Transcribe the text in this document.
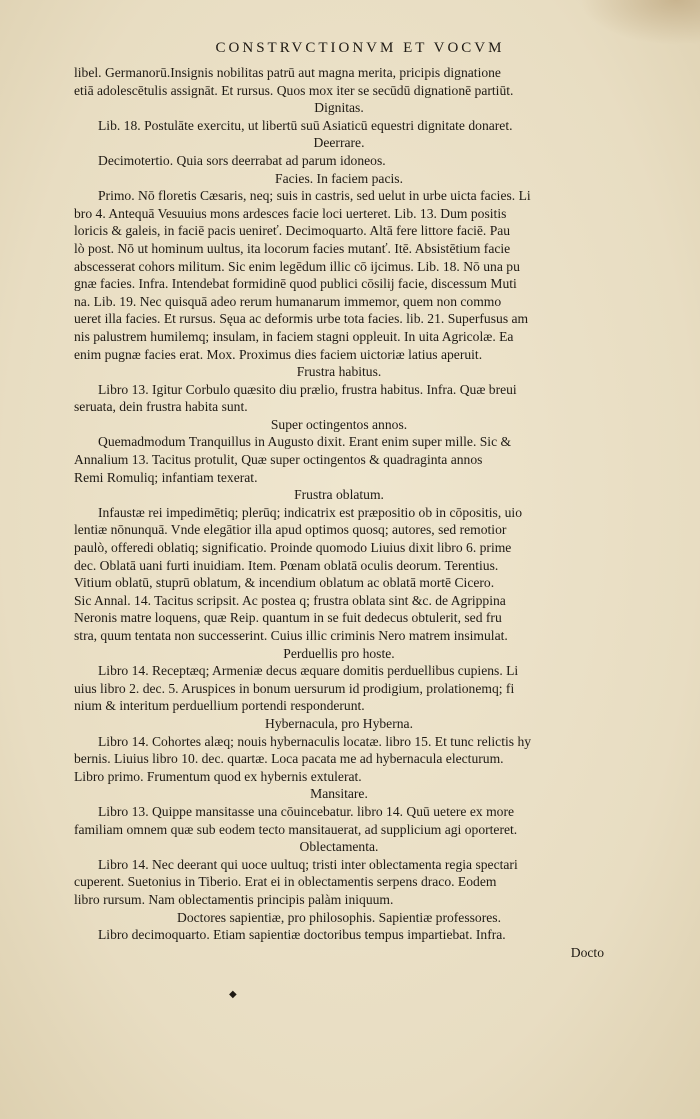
CONSTRVCTIONVM ET VOCVM

libel. Germanorū.Insignis nobilitas patrū aut magna merita, pricipis dignatione

etiā adolescētulis assignāt. Et rursus. Quos mox iter se secūdū dignationē partiūt.

Dignitas.

Lib. 18. Postulāte exercitu, ut libertū suū Asiaticū equestri dignitate donaret.

Deerrare.

Decimotertio. Quia sors deerrabat ad parum idoneos.

Facies. In faciem pacis.

Primo. Nō floretis Cæsaris, neq; suis in castris, sed uelut in urbe uicta facies. Li

bro 4. Antequā Vesuuius mons ardesces facie loci uerteret. Lib. 13. Dum positis

loricis & galeis, in faciē pacis uenireť. Decimoquarto. Altā fere littore faciē. Pau

lò post. Nō ut hominum uultus, ita locorum facies mutanť. Itē. Absistētium facie

abscesserat cohors militum. Sic enim legēdum illic cō ijcimus. Lib. 18. Nō una pu

gnæ facies. Infra. Intendebat formidinē quod publici cōsilij facie, discessum Muti

na. Lib. 19. Nec quisquā adeo rerum humanarum immemor, quem non commo

ueret illa facies. Et rursus. Sęua ac deformis urbe tota facies. lib. 21. Superfusus am

nis palustrem humilemq; insulam, in faciem stagni oppleuit. In uita Agricolæ. Ea

enim pugnæ facies erat. Mox. Proximus dies faciem uictoriæ latius aperuit.

Frustra habitus.

Libro 13. Igitur Corbulo quæsito diu prælio, frustra habitus. Infra. Quæ breui

seruata, dein frustra habita sunt.

Super octingentos annos.

Quemadmodum Tranquillus in Augusto dixit. Erant enim super mille. Sic &

Annalium 13. Tacitus protulit, Quæ super octingentos & quadraginta annos

Remi Romuliq; infantiam texerat.

Frustra oblatum.

Infaustæ rei impedimētiq; plerūq; indicatrix est præpositio ob in cōpositis, uio

lentiæ nōnunquā. Vnde elegātior illa apud optimos quosq; autores, sed remotior

paulò, offeredi oblatiq; significatio. Proinde quomodo Liuius dixit libro 6. prime

dec. Oblatā uani furti inuidiam. Item. Pœnam oblatā oculis deorum. Terentius.

Vitium oblatū, stuprū oblatum, & incendium oblatum ac oblatā mortē Cicero.

Sic Annal. 14. Tacitus scripsit. Ac postea q; frustra oblata sint &c. de Agrippina

Neronis matre loquens, quæ Reip. quantum in se fuit dedecus obtulerit, sed fru

stra, quum tentata non successerint. Cuius illic criminis Nero matrem insimulat.

Perduellis pro hoste.

Libro 14. Receptæq; Armeniæ decus æquare domitis perduellibus cupiens. Li

uius libro 2. dec. 5. Aruspices in bonum uersurum id prodigium, prolationemq; fi

nium & interitum perduellium portendi responderunt.

Hybernacula, pro Hyberna.

Libro 14. Cohortes alæq; nouis hybernaculis locatæ. libro 15. Et tunc relictis hy

bernis. Liuius libro 10. dec. quartæ. Loca pacata me ad hybernacula electurum.

Libro primo. Frumentum quod ex hybernis extulerat.

Mansitare.

Libro 13. Quippe mansitasse una cōuincebatur. libro 14. Quū uetere ex more

familiam omnem quæ sub eodem tecto mansitauerat, ad supplicium agi oporteret.

Oblectamenta.

Libro 14. Nec deerant qui uoce uultuq; tristi inter oblectamenta regia spectari

cuperent. Suetonius in Tiberio. Erat ei in oblectamentis serpens draco. Eodem

libro rursum. Nam oblectamentis principis palàm iniquum.

Doctores sapientiæ, pro philosophis. Sapientiæ professores.

Libro decimoquarto. Etiam sapientiæ doctoribus tempus impartiebat. Infra.

Docto

◆
